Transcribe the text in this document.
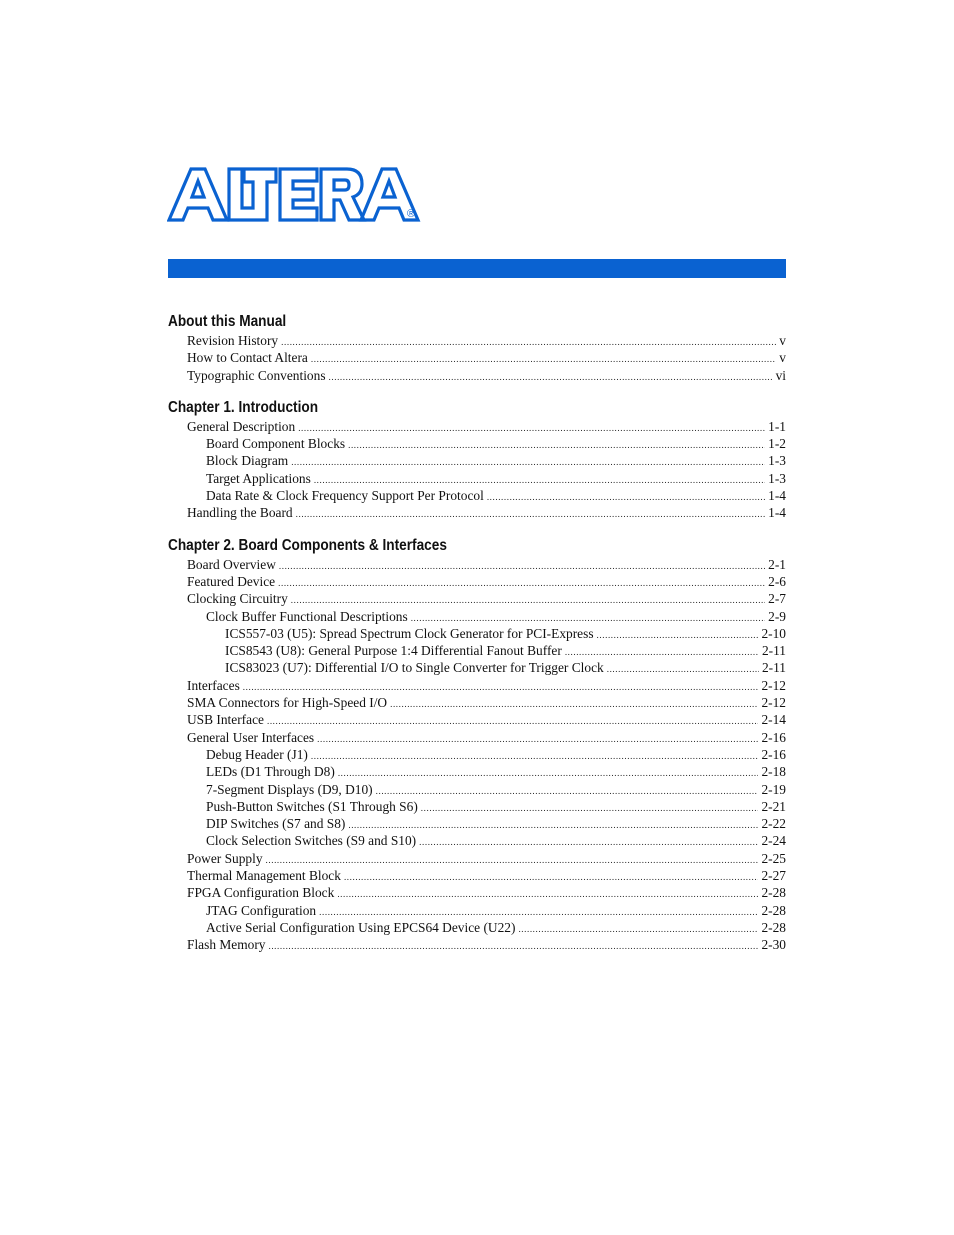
®
About this Manual
Revision History .....	v
How to Contact Altera .....	v
Typographic Conventions .....	vi
Chapter 1. Introduction
General Description .....	1-1
Board Component Blocks .....	1-2
Block Diagram .....	1-3
Target Applications .....	1-3
Data Rate & Clock Frequency Support Per Protocol .....	1-4
Handling the Board .....	1-4
Chapter 2. Board Components & Interfaces
Board Overview .....	2-1
Featured Device .....	2-6
Clocking Circuitry .....	2-7
Clock Buffer Functional Descriptions .....	2-9
ICS557-03 (U5): Spread Spectrum Clock Generator for PCI-Express .....	2-10
ICS8543 (U8): General Purpose 1:4 Differential Fanout Buffer .....	2-11
ICS83023 (U7): Differential I/O to Single Converter for Trigger Clock .....	2-11
Interfaces .....	2-12
SMA Connectors for High-Speed I/O .....	2-12
USB Interface .....	2-14
General User Interfaces .....	2-16
Debug Header (J1) .....	2-16
LEDs (D1 Through D8) .....	2-18
7-Segment Displays (D9, D10) .....	2-19
Push-Button Switches (S1 Through S6) .....	2-21
DIP Switches (S7 and S8) .....	2-22
Clock Selection Switches (S9 and S10) .....	2-24
Power Supply .....	2-25
Thermal Management Block .....	2-27
FPGA Configuration Block .....	2-28
JTAG Configuration .....	2-28
Active Serial Configuration Using EPCS64 Device (U22) .....	2-28
Flash Memory .....	2-30
